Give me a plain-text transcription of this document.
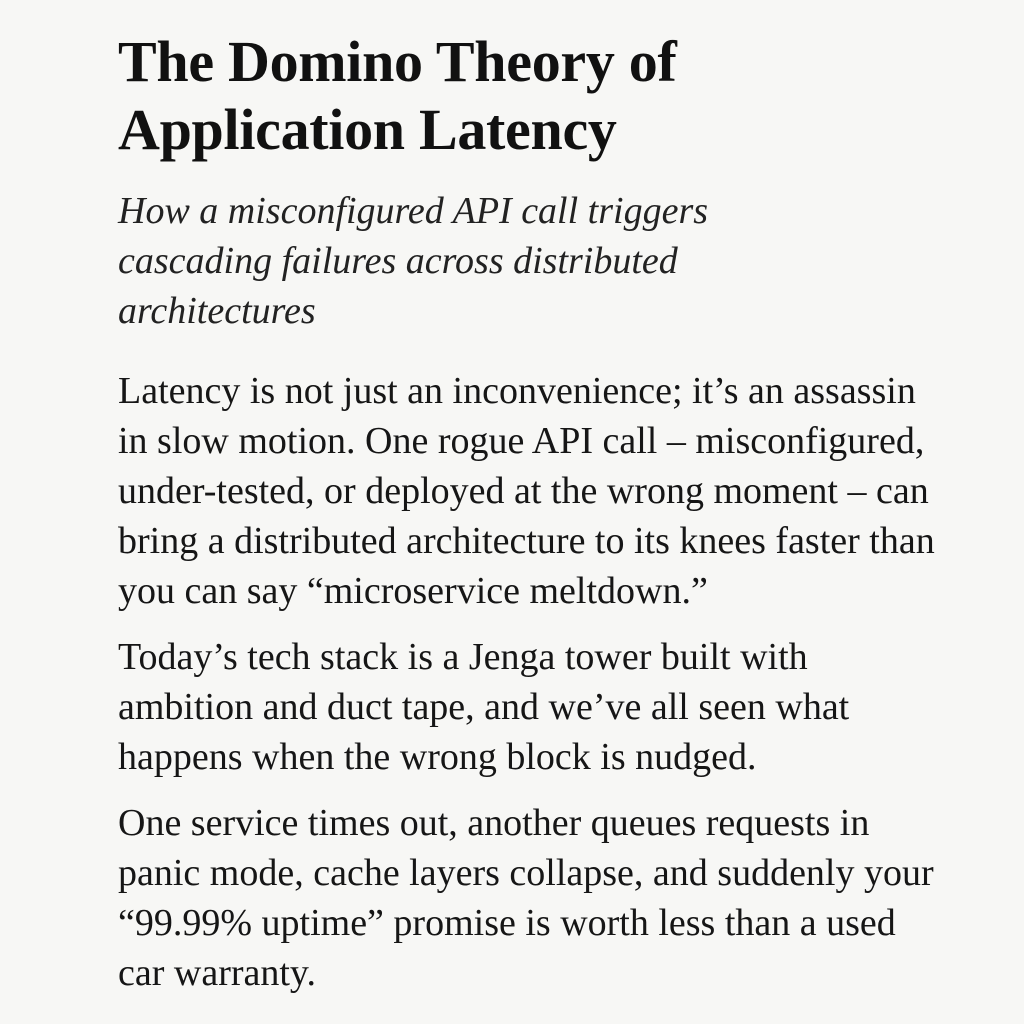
The Domino Theory of Application Latency
How a misconfigured API call triggers cascading failures across distributed architectures

Latency is not just an inconvenience; it’s an assassin in slow motion. One rogue API call – misconfigured, under-tested, or deployed at the wrong moment – can bring a distributed architecture to its knees faster than you can say “microservice meltdown.”

Today’s tech stack is a Jenga tower built with ambition and duct tape, and we’ve all seen what happens when the wrong block is nudged.

One service times out, another queues requests in panic mode, cache layers collapse, and suddenly your “99.99% uptime” promise is worth less than a used car warranty.
